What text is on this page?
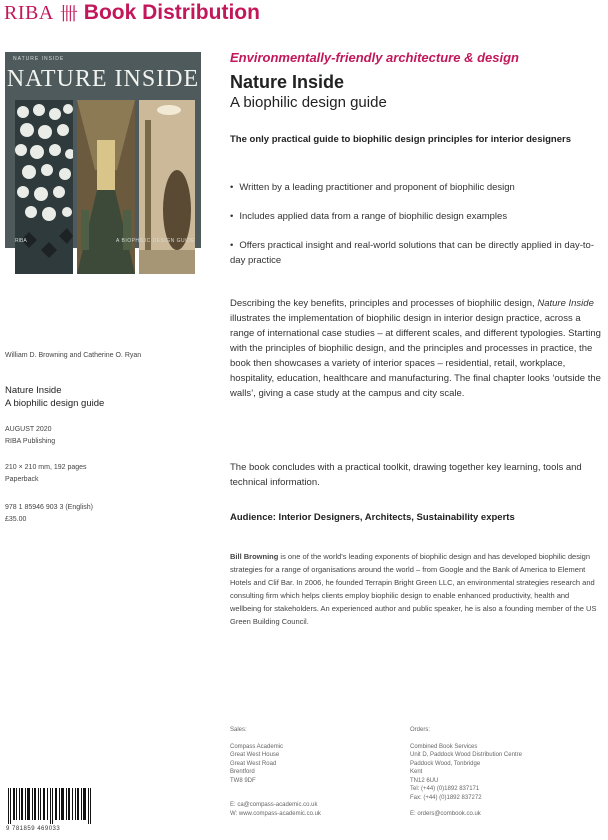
RIBA 卌 Book Distribution
NATURE INSIDE
NATURE INSIDE
RIBA	A BIOPHILIC DESIGN GUIDE
William D. Browning and Catherine O. Ryan
Nature Inside
A biophilic design guide
AUGUST 2020
RIBA Publishing
210 × 210 mm, 192 pages
Paperback
978 1 85946 903 3 (English)
£35.00
Environmentally-friendly architecture & design
Nature Inside
A biophilic design guide
The only practical guide to biophilic design principles for interior designers
• Written by a leading practitioner and proponent of biophilic design
• Includes applied data from a range of biophilic design examples
• Offers practical insight and real-world solutions that can be directly applied in day-to-day practice
Describing the key benefits, principles and processes of biophilic design, Nature Inside illustrates the implementation of biophilic design in interior design practice, across a range of international case studies – at different scales, and different typologies. Starting with the principles of biophilic design, and the principles and processes in practice, the book then showcases a variety of interior spaces – residential, retail, workplace, hospitality, education, healthcare and manufacturing. The final chapter looks ‘outside the walls’, giving a case study at the campus and city scale.
The book concludes with a practical toolkit, drawing together key learning, tools and technical information.
Audience: Interior Designers, Architects, Sustainability experts
Bill Browning is one of the world's leading exponents of biophilic design and has developed biophilic design strategies for a range of organisations around the world – from Google and the Bank of America to Element Hotels and Clif Bar. In 2006, he founded Terrapin Bright Green LLC, an environmental strategies research and consulting firm which helps clients employ biophilic design to enable enhanced productivity, health and wellbeing for stakeholders. An experienced author and public speaker, he is also a founding member of the US Green Building Council.
Sales:
Compass Academic
Great West House
Great West Road
Brentford
TW8 9DF
E: ca@compass-academic.co.uk
W: www.compass-academic.co.uk
Orders:
Combined Book Services
Unit D, Paddock Wood Distribution Centre
Paddock Wood, Tonbridge
Kent
TN12 6UU
Tel: (+44) (0)1892 837171
Fax: (+44) (0)1892 837272
E: orders@combook.co.uk
9 781859 469033
